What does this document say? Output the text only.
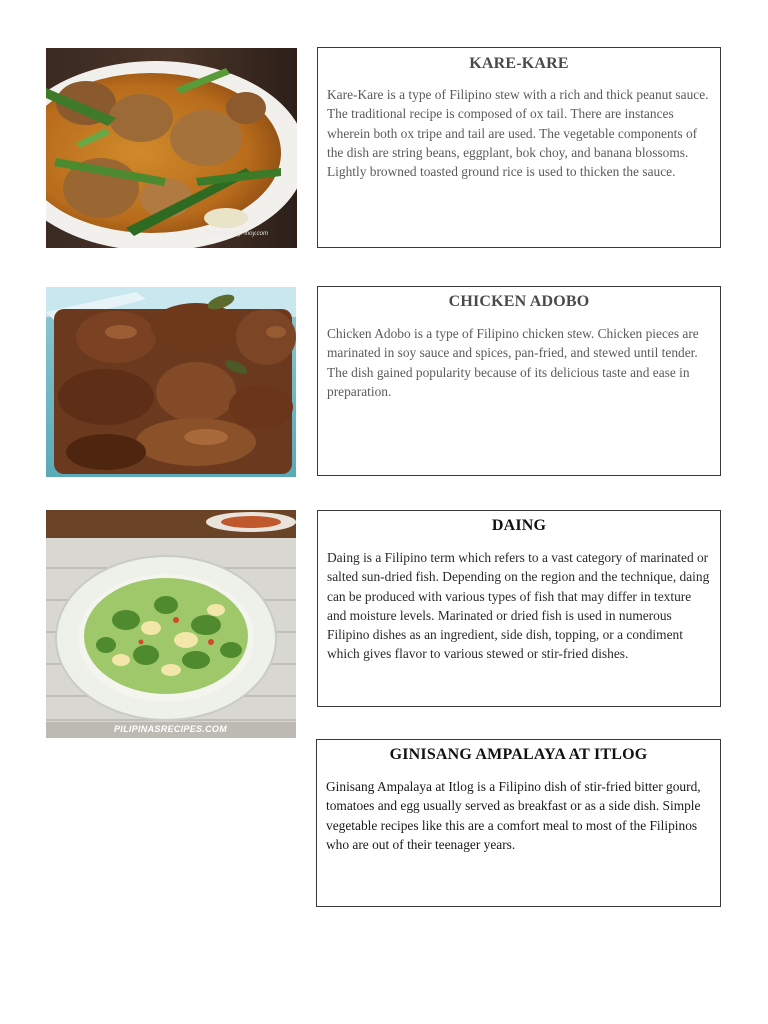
© PanlasangPinoy.com
KARE-KARE

Kare-Kare is a type of Filipino stew with a rich and thick peanut sauce. The traditional recipe is composed of ox tail. There are instances wherein both ox tripe and tail are used. The vegetable components of the dish are string beans, eggplant, bok choy, and banana blossoms. Lightly browned toasted ground rice is used to thicken the sauce.

CHICKEN ADOBO

Chicken Adobo is a type of Filipino chicken stew. Chicken pieces are marinated in soy sauce and spices, pan-fried, and stewed until tender. The dish gained popularity because of its delicious taste and ease in preparation.

PILIPINASRECIPES.COM
DAING

Daing is a Filipino term which refers to a vast category of marinated or salted sun-dried fish. Depending on the region and the technique, daing can be produced with various types of fish that may differ in texture and moisture levels. Marinated or dried fish is used in numerous Filipino dishes as an ingredient, side dish, topping, or a condiment which gives flavor to various stewed or stir-fried dishes.

GINISANG AMPALAYA AT ITLOG

Ginisang Ampalaya at Itlog is a Filipino dish of stir-fried bitter gourd, tomatoes and egg usually served as breakfast or as a side dish. Simple vegetable recipes like this are a comfort meal to most of the Filipinos who are out of their teenager years.
